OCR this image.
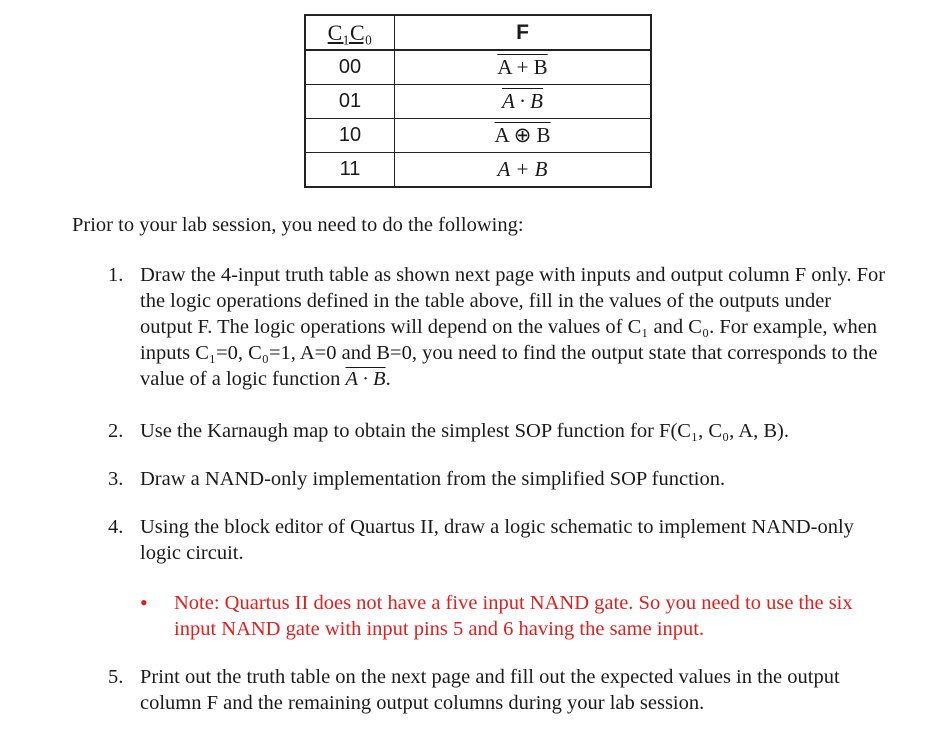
C₁C₀	F
00	A + B
01	A · B
10	A ⊕ B
11	A + B
Prior to your lab session, you need to do the following:
1. Draw the 4-input truth table as shown next page with inputs and output column F only. For the logic operations defined in the table above, fill in the values of the outputs under output F. The logic operations will depend on the values of C₁ and C₀. For example, when inputs C₁=0, C₀=1, A=0 and B=0, you need to find the output state that corresponds to the value of a logic function A · B.
2. Use the Karnaugh map to obtain the simplest SOP function for F(C₁, C₀, A, B).
3. Draw a NAND-only implementation from the simplified SOP function.
4. Using the block editor of Quartus II, draw a logic schematic to implement NAND-only logic circuit.
• Note: Quartus II does not have a five input NAND gate. So you need to use the six input NAND gate with input pins 5 and 6 having the same input.
5. Print out the truth table on the next page and fill out the expected values in the output column F and the remaining output columns during your lab session.
